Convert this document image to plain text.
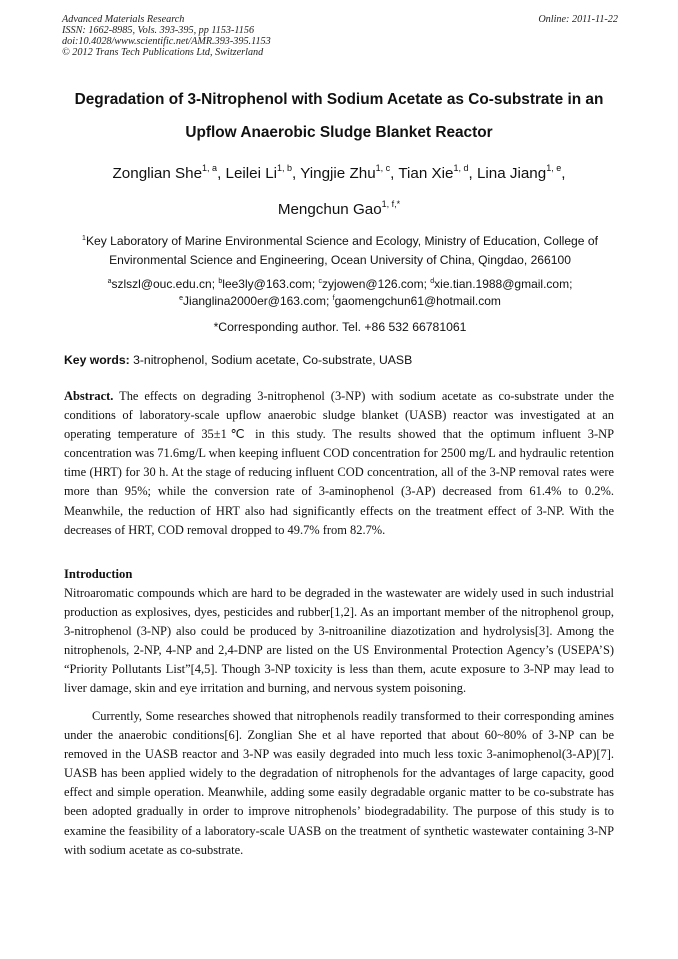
Advanced Materials Research
ISSN: 1662-8985, Vols. 393-395, pp 1153-1156
doi:10.4028/www.scientific.net/AMR.393-395.1153
© 2012 Trans Tech Publications Ltd, Switzerland
Online: 2011-11-22
Degradation of 3-Nitrophenol with Sodium Acetate as Co-substrate in an
Upflow Anaerobic Sludge Blanket Reactor
Zonglian She$^{1, a}$, Leilei Li$^{1, b}$, Yingjie Zhu$^{1, c}$, Tian Xie$^{1, d}$, Lina Jiang$^{1, e}$,
Mengchun Gao$^{1, f,*}$
$^1$Key Laboratory of Marine Environmental Science and Ecology, Ministry of Education, College of
Environmental Science and Engineering, Ocean University of China, Qingdao, 266100
$^a$szlszl@ouc.edu.cn; $^b$lee3ly@163.com; $^c$zyjowen@126.com; $^d$xie.tian.1988@gmail.com;
$^e$Jianglina2000er@163.com; $^f$gaomengchun61@hotmail.com
*Corresponding author. Tel. +86 532 66781061
Key words: 3-nitrophenol, Sodium acetate, Co-substrate, UASB
Abstract. The effects on degrading 3-nitrophenol (3-NP) with sodium acetate as co-substrate under the conditions of laboratory-scale upflow anaerobic sludge blanket (UASB) reactor was investigated at an operating temperature of 35±1℃ in this study. The results showed that the optimum influent 3-NP concentration was 71.6mg/L when keeping influent COD concentration for 2500 mg/L and hydraulic retention time (HRT) for 30 h. At the stage of reducing influent COD concentration, all of the 3-NP removal rates were more than 95%; while the conversion rate of 3-aminophenol (3-AP) decreased from 61.4% to 0.2%. Meanwhile, the reduction of HRT also had significantly effects on the treatment effect of 3-NP. With the decreases of HRT, COD removal dropped to 49.7% from 82.7%.
Introduction
Nitroaromatic compounds which are hard to be degraded in the wastewater are widely used in such industrial production as explosives, dyes, pesticides and rubber[1,2]. As an important member of the nitrophenol group, 3-nitrophenol (3-NP) also could be produced by 3-nitroaniline diazotization and hydrolysis[3]. Among the nitrophenols, 2-NP, 4-NP and 2,4-DNP are listed on the US Environmental Protection Agency’s (USEPA’S) “Priority Pollutants List”[4,5]. Though 3-NP toxicity is less than them, acute exposure to 3-NP may lead to liver damage, skin and eye irritation and burning, and nervous system poisoning.
Currently, Some researches showed that nitrophenols readily transformed to their corresponding amines under the anaerobic conditions[6]. Zonglian She et al have reported that about 60~80% of 3-NP can be removed in the UASB reactor and 3-NP was easily degraded into much less toxic 3-animophenol(3-AP)[7]. UASB has been applied widely to the degradation of nitrophenols for the advantages of large capacity, good effect and simple operation. Meanwhile, adding some easily degradable organic matter to be co-substrate has been adopted gradually in order to improve nitrophenols’ biodegradability. The purpose of this study is to examine the feasibility of a laboratory-scale UASB on the treatment of synthetic wastewater containing 3-NP with sodium acetate as co-substrate.
